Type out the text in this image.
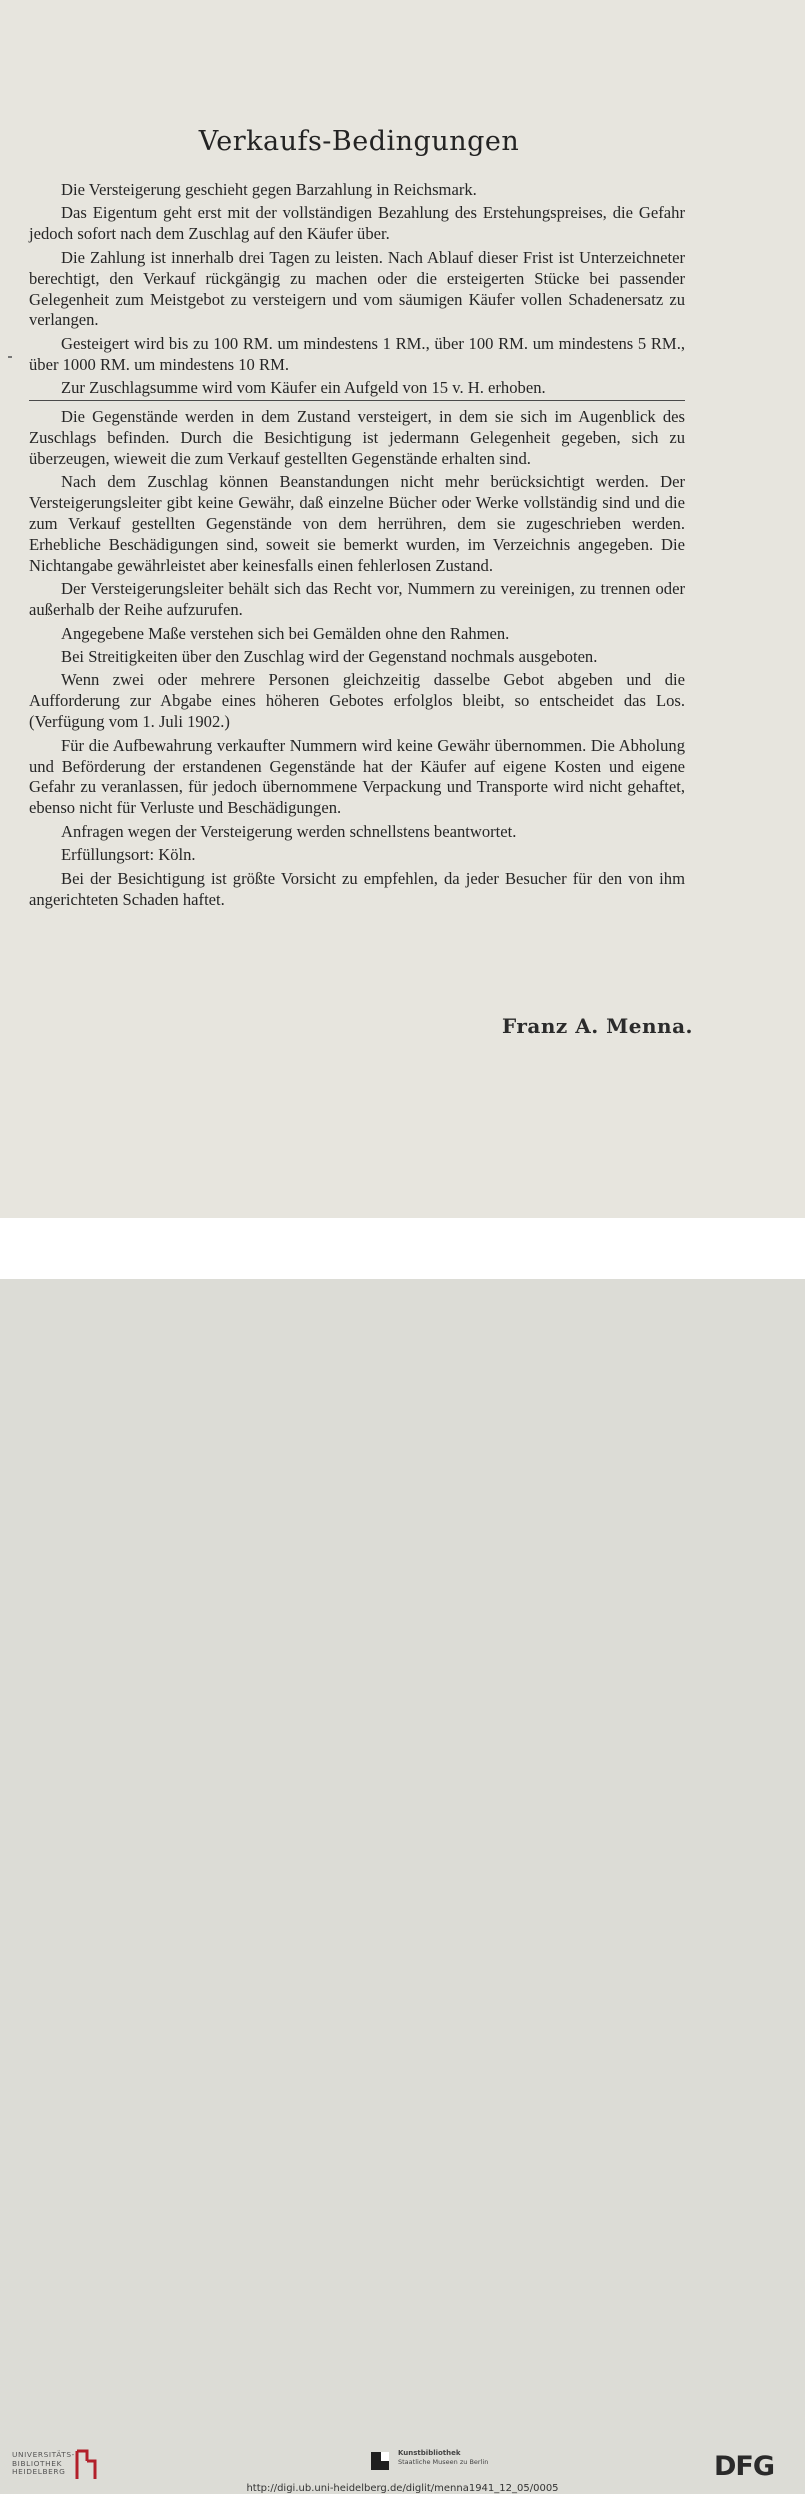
Verkaufs-Bedingungen

Die Versteigerung geschieht gegen Barzahlung in Reichsmark.

Das Eigentum geht erst mit der vollständigen Bezahlung des Erstehungspreises, die Gefahr jedoch sofort nach dem Zuschlag auf den Käufer über.

Die Zahlung ist innerhalb drei Tagen zu leisten. Nach Ablauf dieser Frist ist Unterzeichneter berechtigt, den Verkauf rückgängig zu machen oder die ersteigerten Stücke bei passender Gelegenheit zum Meistgebot zu versteigern und vom säumigen Käufer vollen Schadenersatz zu verlangen.

Gesteigert wird bis zu 100 RM. um mindestens 1 RM., über 100 RM. um mindestens 5 RM., über 1000 RM. um mindestens 10 RM.

Zur Zuschlagsumme wird vom Käufer ein Aufgeld von 15 v. H. erhoben.

Die Gegenstände werden in dem Zustand versteigert, in dem sie sich im Augenblick des Zuschlags befinden. Durch die Besichtigung ist jedermann Gelegenheit gegeben, sich zu überzeugen, wieweit die zum Verkauf gestellten Gegenstände erhalten sind.

Nach dem Zuschlag können Beanstandungen nicht mehr berücksichtigt werden. Der Versteigerungsleiter gibt keine Gewähr, daß einzelne Bücher oder Werke vollständig sind und die zum Verkauf gestellten Gegenstände von dem herrühren, dem sie zugeschrieben werden. Erhebliche Beschädigungen sind, soweit sie bemerkt wurden, im Verzeichnis angegeben. Die Nichtangabe gewährleistet aber keinesfalls einen fehlerlosen Zustand.

Der Versteigerungsleiter behält sich das Recht vor, Nummern zu vereinigen, zu trennen oder außerhalb der Reihe aufzurufen.

Angegebene Maße verstehen sich bei Gemälden ohne den Rahmen.

Bei Streitigkeiten über den Zuschlag wird der Gegenstand nochmals ausgeboten.

Wenn zwei oder mehrere Personen gleichzeitig dasselbe Gebot abgeben und die Aufforderung zur Abgabe eines höheren Gebotes erfolglos bleibt, so entscheidet das Los. (Verfügung vom 1. Juli 1902.)

Für die Aufbewahrung verkaufter Nummern wird keine Gewähr übernommen. Die Abholung und Beförderung der erstandenen Gegenstände hat der Käufer auf eigene Kosten und eigene Gefahr zu veranlassen, für jedoch übernommene Verpackung und Transporte wird nicht gehaftet, ebenso nicht für Verluste und Beschädigungen.

Anfragen wegen der Versteigerung werden schnellstens beantwortet.

Erfüllungsort: Köln.

Bei der Besichtigung ist größte Vorsicht zu empfehlen, da jeder Besucher für den von ihm angerichteten Schaden haftet.

Franz A. Menna.
UNIVERSITÄTS-
BIBLIOTHEK
HEIDELBERG
Kunstbibliothek
Staatliche Museen zu Berlin	DFG
http://digi.ub.uni-heidelberg.de/diglit/menna1941_12_05/0005
